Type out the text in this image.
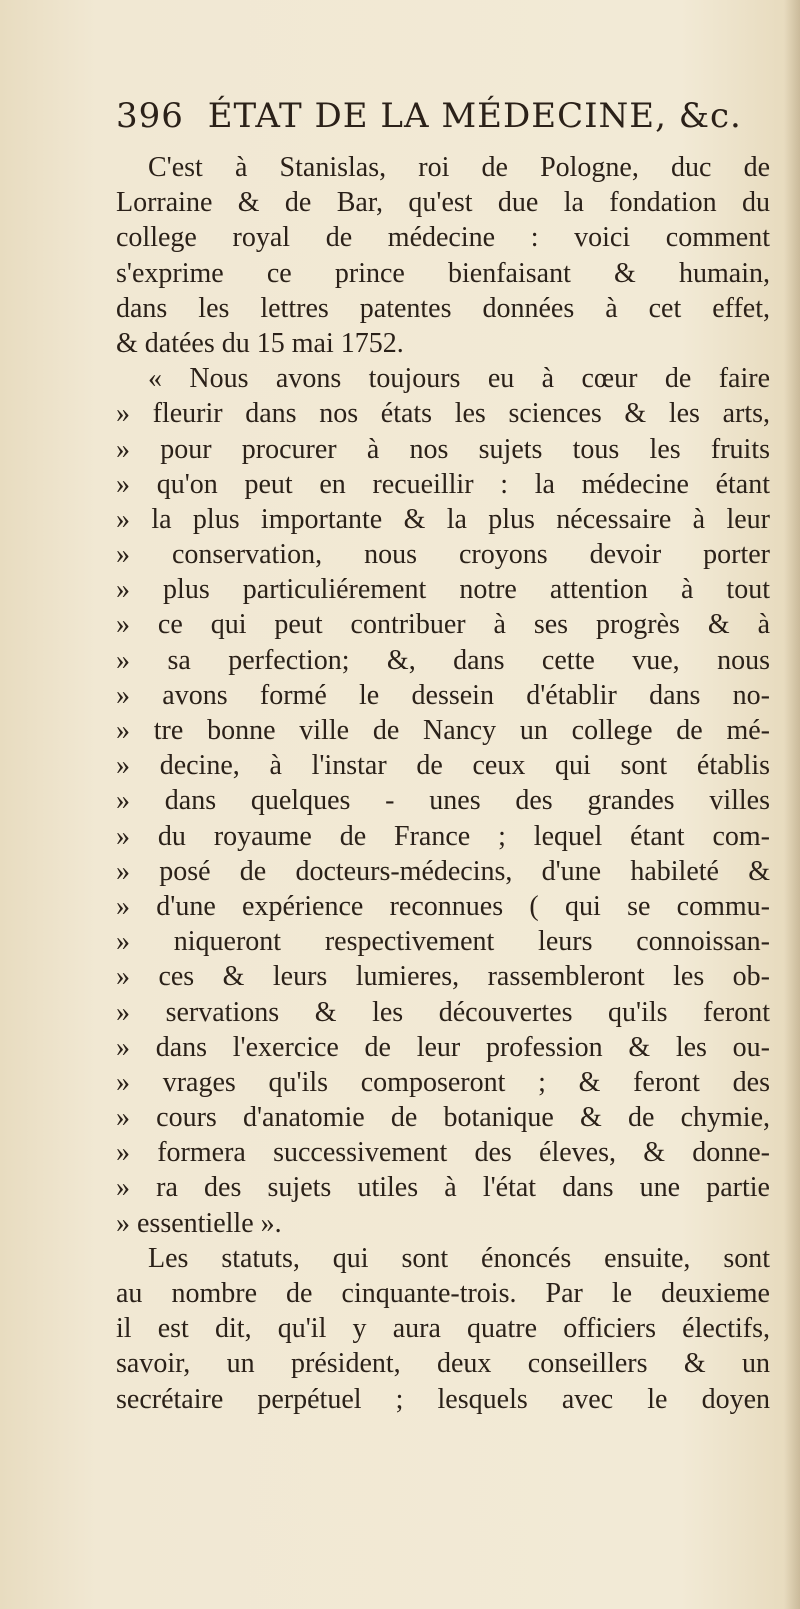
396 ÉTAT DE LA MÉDECINE, &c.
C'est à Stanislas, roi de Pologne, duc de
Lorraine & de Bar, qu'est due la fondation du
college royal de médecine : voici comment
s'exprime ce prince bienfaisant & humain,
dans les lettres patentes données à cet effet,
& datées du 15 mai 1752.
« Nous avons toujours eu à cœur de faire
» fleurir dans nos états les sciences & les arts,
» pour procurer à nos sujets tous les fruits
» qu'on peut en recueillir : la médecine étant
» la plus importante & la plus nécessaire à leur
» conservation, nous croyons devoir porter
» plus particuliérement notre attention à tout
» ce qui peut contribuer à ses progrès & à
» sa perfection; &, dans cette vue, nous
» avons formé le dessein d'établir dans no-
» tre bonne ville de Nancy un college de mé-
» decine, à l'instar de ceux qui sont établis
» dans quelques - unes des grandes villes
» du royaume de France ; lequel étant com-
» posé de docteurs-médecins, d'une habileté &
» d'une expérience reconnues ( qui se commu-
» niqueront respectivement leurs connoissan-
» ces & leurs lumieres, rassembleront les ob-
» servations & les découvertes qu'ils feront
» dans l'exercice de leur profession & les ou-
» vrages qu'ils composeront ; & feront des
» cours d'anatomie de botanique & de chymie,
» formera successivement des éleves, & donne-
» ra des sujets utiles à l'état dans une partie
» essentielle ».
Les statuts, qui sont énoncés ensuite, sont
au nombre de cinquante-trois. Par le deuxieme
il est dit, qu'il y aura quatre officiers électifs,
savoir, un président, deux conseillers & un
secrétaire perpétuel ; lesquels avec le doyen
